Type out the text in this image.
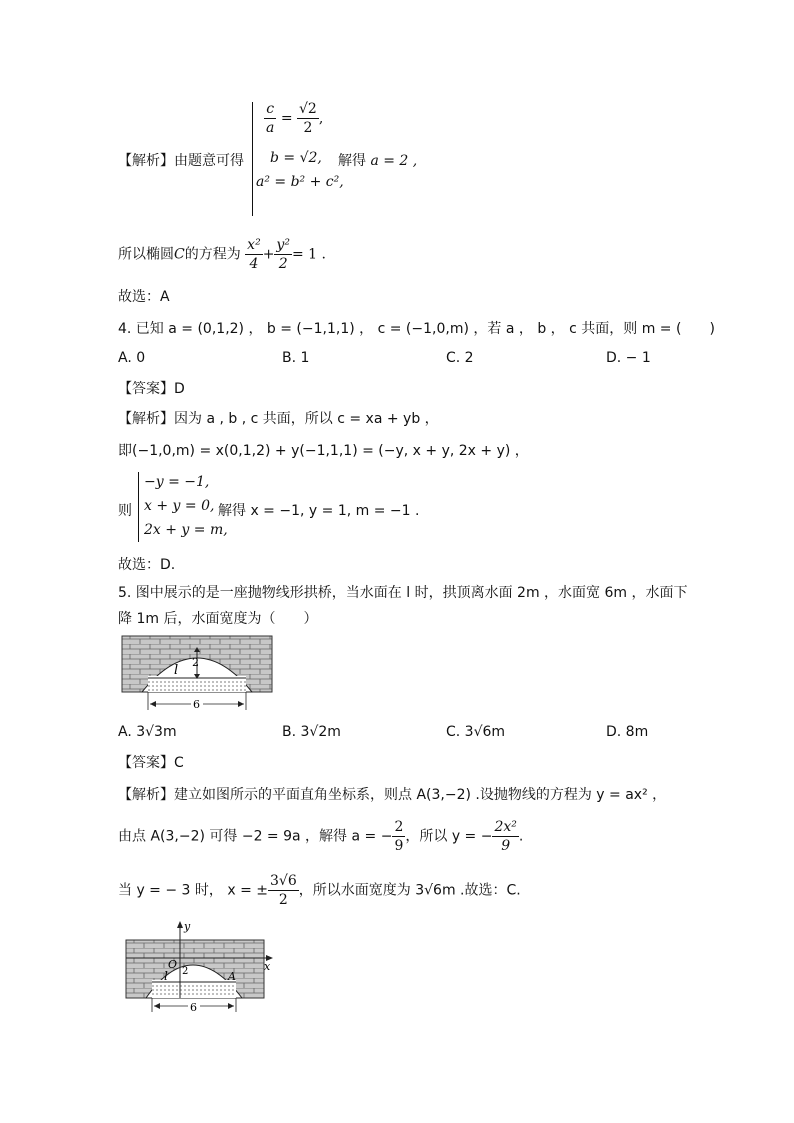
【解析】由题意可得
$\frac{c}{a} = \frac{√2}{2}$ ,
b = √2,
a² = b² + c²,
解得 a = 2 ,
所以椭圆C的方程为 $\frac{\text{x²}}{4} + \frac{\text{y²}}{2} = 1$ .
故选：A
4. 已知 a = (0,1,2) ， b = (−1,1,1) ， c = (−1,0,m) ，若 a ， b ， c 共面，则 m = (　　)
A. 0	B. 1	C. 2	D. − 1
【答案】D
【解析】因为 a , b , c 共面，所以 c = xa + yb ，
即(−1,0,m) = x(0,1,2) + y(−1,1,1) = (−y, x + y, 2x + y) ，
则
−y = −1,
x + y = 0,
2x + y = m,
解得 x = −1, y = 1, m = −1 .
故选：D.
5. 图中展示的是一座抛物线形拱桥，当水面在 l 时，拱顶离水面 2m ，水面宽 6m ，水面下
降 1m 后，水面宽度为（　　）
2
l
6
A. 3√3m	B. 3√2m	C. 3√6m	D. 8m
【答案】C
【解析】建立如图所示的平面直角坐标系，则点 A(3,−2) .设抛物线的方程为 y = ax² ，
由点 A(3,−2) 可得 −2 = 9a ，解得 a = − $\frac{2}{9}$ ，所以 y = − $\frac{\text{2x²}}{9}$ .
当 y = − 3 时， x = ± $\frac{3√6}{2}$ ，所以水面宽度为 3√6m .故选：C.
y
x
O
2
l	A
6
